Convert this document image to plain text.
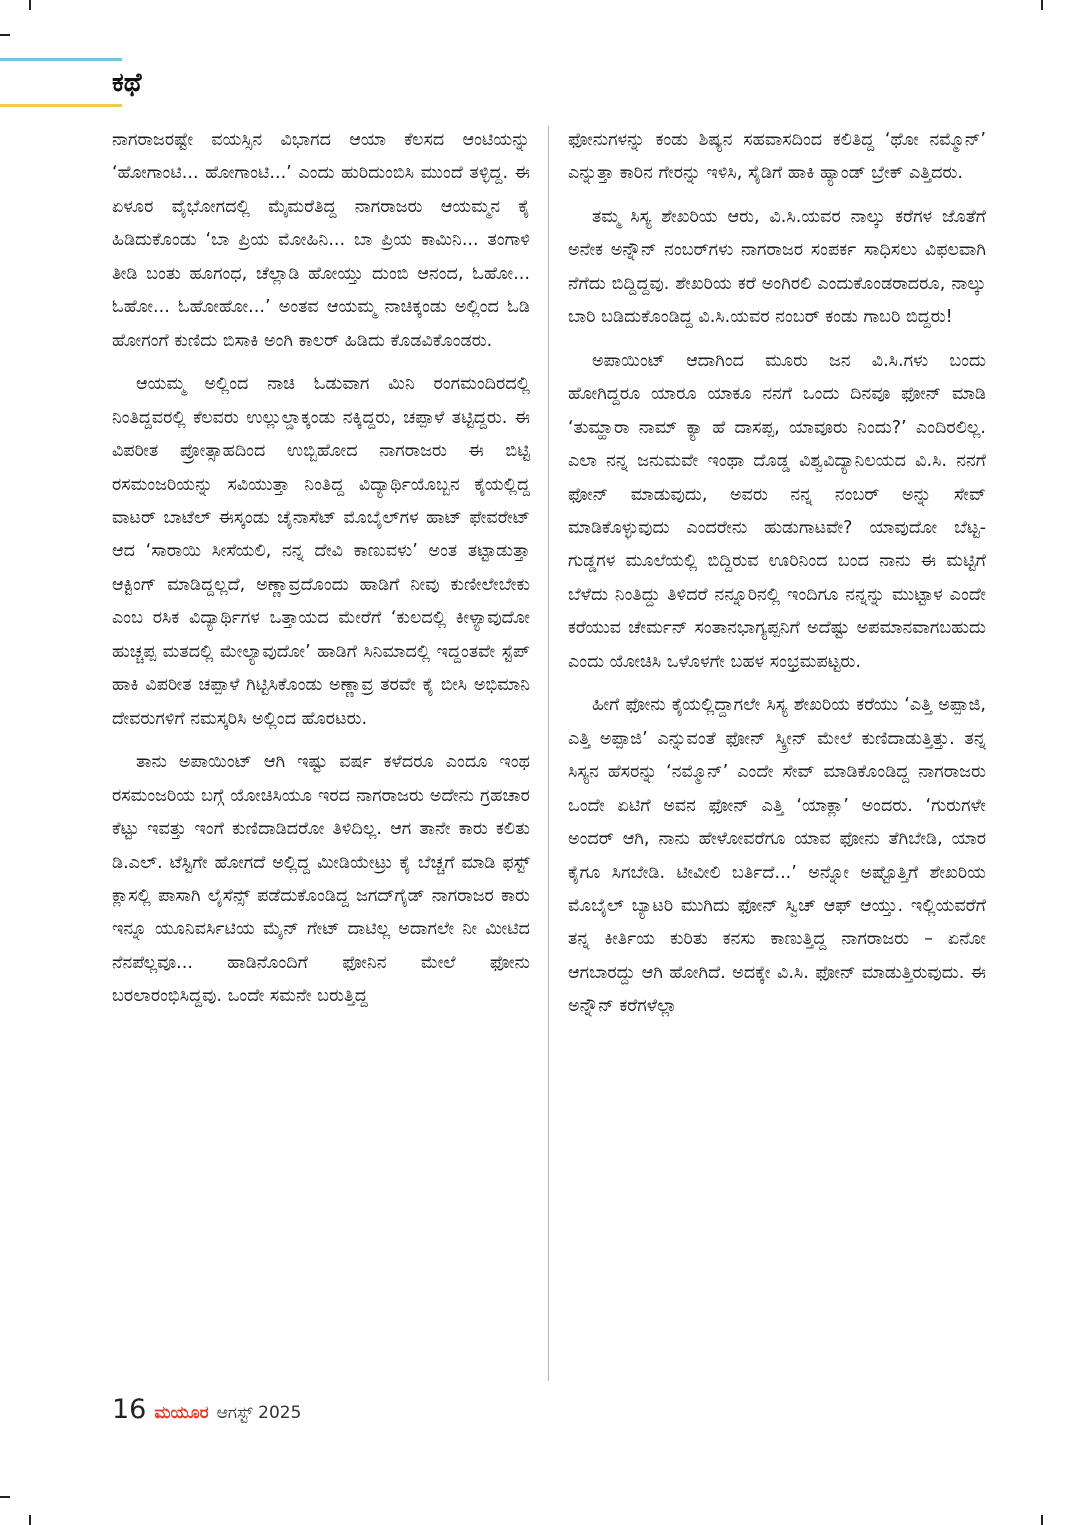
ಕಥೆ

ನಾಗರಾಜರಷ್ಟೇ ವಯಸ್ಸಿನ ವಿಭಾಗದ ಆಯಾ ಕೆಲಸದ ಆಂಟಿಯನ್ನು ‘ಹೋಗಾಂಟಿ... ಹೋಗಾಂಟಿ...’ ಎಂದು ಹುರಿದುಂಬಿಸಿ ಮುಂದೆ ತಳ್ಳಿದ್ದ. ಈ ಏಳೂರ ವೈಭೋಗದಲ್ಲಿ ಮೈಮರೆತಿದ್ದ ನಾಗರಾಜರು ಆಯಮ್ಮನ ಕೈ ಹಿಡಿದುಕೊಂಡು ‘ಬಾ ಪ್ರಿಯ ಮೋಹಿನಿ... ಬಾ ಪ್ರಿಯ ಕಾಮಿನಿ... ತಂಗಾಳಿ ತೀಡಿ ಬಂತು ಹೂಗಂಧ, ಚೆಲ್ಲಾಡಿ ಹೋಯ್ತು ದುಂಬಿ ಆನಂದ, ಓಹೋ... ಓಹೋ... ಓಹೋಹೋ...’ ಅಂತವ ಆಯಮ್ಮ ನಾಚಿಕ್ಕಂಡು ಅಲ್ಲಿಂದ ಓಡಿ ಹೋಗಂಗೆ ಕುಣಿದು ಬಿಸಾಕಿ ಅಂಗಿ ಕಾಲರ್ ಹಿಡಿದು ಕೊಡವಿಕೊಂಡರು.

ಆಯಮ್ಮ ಅಲ್ಲಿಂದ ನಾಚಿ ಓಡುವಾಗ ಮಿನಿ ರಂಗಮಂದಿರದಲ್ಲಿ ನಿಂತಿದ್ದವರಲ್ಲಿ ಕೆಲವರು ಉಲ್ಲುಲ್ಡಾಕ್ಕಂಡು ನಕ್ಕಿದ್ದರು, ಚಪ್ಪಾಳೆ ತಟ್ಟಿದ್ದರು. ಈ ವಿಪರೀತ ಪ್ರೋತ್ಸಾಹದಿಂದ ಉಬ್ಬಿಹೋದ ನಾಗರಾಜರು ಈ ಬಿಟ್ಟಿ ರಸಮಂಜರಿಯನ್ನು ಸವಿಯುತ್ತಾ ನಿಂತಿದ್ದ ವಿದ್ಯಾರ್ಥಿಯೊಬ್ಬನ ಕೈಯಲ್ಲಿದ್ದ ವಾಟರ್ ಬಾಟೆಲ್ ಈಸ್ಕಂಡು ಚೈನಾಸೆಟ್ ಮೊಬೈಲ್‌ಗಳ ಹಾಟ್ ಫೇವರೇಟ್ ಆದ ‘ಸಾರಾಯಿ ಸೀಸೆಯಲಿ, ನನ್ನ ದೇವಿ ಕಾಣುವಳು’ ಅಂತ ತಟ್ಟಾಡುತ್ತಾ ಆಕ್ಟಿಂಗ್ ಮಾಡಿದ್ದಲ್ಲದೆ, ಅಣ್ಣಾವ್ರದೊಂದು ಹಾಡಿಗೆ ನೀವು ಕುಣೀಲೇಬೇಕು ಎಂಬ ರಸಿಕ ವಿದ್ಯಾರ್ಥಿಗಳ ಒತ್ತಾಯದ ಮೇರೆಗೆ ‘ಕುಲದಲ್ಲಿ ಕೀಳ್ಯಾವುದೋ ಹುಚ್ಚಪ್ಪ ಮತದಲ್ಲಿ ಮೇಲ್ಯಾವುದೋ’ ಹಾಡಿಗೆ ಸಿನಿಮಾದಲ್ಲಿ ಇದ್ದಂತವೇ ಸ್ಟೆಪ್ ಹಾಕಿ ವಿಪರೀತ ಚಪ್ಪಾಳೆ ಗಿಟ್ಟಿಸಿಕೊಂಡು ಅಣ್ಣಾವ್ರ ತರವೇ ಕೈ ಬೀಸಿ ಅಭಿಮಾನಿ ದೇವರುಗಳಿಗೆ ನಮಸ್ಕರಿಸಿ ಅಲ್ಲಿಂದ ಹೊರಟರು.

ತಾನು ಅಪಾಯಿಂಟ್ ಆಗಿ ಇಷ್ಟು ವರ್ಷ ಕಳೆದರೂ ಎಂದೂ ಇಂಥ ರಸಮಂಜರಿಯ ಬಗ್ಗೆ ಯೋಚಿಸಿಯೂ ಇರದ ನಾಗರಾಜರು ಅದೇನು ಗ್ರಹಚಾರ ಕೆಟ್ಟು ಇವತ್ತು ಇಂಗೆ ಕುಣಿದಾಡಿದರೋ ತಿಳಿದಿಲ್ಲ. ಆಗ ತಾನೇ ಕಾರು ಕಲಿತು ಡಿ.ಎಲ್. ಟೆಸ್ಟಿಗೇ ಹೋಗದೆ ಅಲ್ಲಿದ್ದ ಮೀಡಿಯೇಟ್ರು ಕೈ ಬೆಚ್ಚಗೆ ಮಾಡಿ ಫಸ್ಟ್ ಕ್ಲಾಸಲ್ಲಿ ಪಾಸಾಗಿ ಲೈಸೆನ್ಸ್ ಪಡೆದುಕೊಂಡಿದ್ದ ಜಗದ್‌ಗೈಡ್ ನಾಗರಾಜರ ಕಾರು ಇನ್ನೂ ಯೂನಿವರ್ಸಿಟಿಯ ಮೈನ್ ಗೇಟ್ ದಾಟಿಲ್ಲ ಅದಾಗಲೇ ನೀ ಮೀಟಿದ ನೆನಪೆಲ್ಲವೂ... ಹಾಡಿನೊಂದಿಗೆ ಫೋನಿನ ಮೇಲೆ ಫೋನು ಬರಲಾರಂಭಿಸಿದ್ದವು. ಒಂದೇ ಸಮನೇ ಬರುತ್ತಿದ್ದ

ಫೋನುಗಳನ್ನು ಕಂಡು ಶಿಷ್ಯನ ಸಹವಾಸದಿಂದ ಕಲಿತಿದ್ದ ‘ಥೋ ನಮ್ಮೊನ್’ ಎನ್ನುತ್ತಾ ಕಾರಿನ ಗೇರನ್ನು ಇಳಿಸಿ, ಸೈಡಿಗೆ ಹಾಕಿ ಹ್ಯಾಂಡ್ ಬ್ರೇಕ್ ಎತ್ತಿದರು.

ತಮ್ಮ ಸಿಸ್ಯ ಶೇಖರಿಯ ಆರು, ವಿ.ಸಿ.ಯವರ ನಾಲ್ಕು ಕರೆಗಳ ಜೊತೆಗೆ ಅನೇಕ ಅನ್ನೌನ್ ನಂಬರ್‌ಗಳು ನಾಗರಾಜರ ಸಂಪರ್ಕ ಸಾಧಿಸಲು ವಿಫಲವಾಗಿ ನೆಗೆದು ಬಿದ್ದಿದ್ದವು. ಶೇಖರಿಯ ಕರೆ ಅಂಗಿರಲಿ ಎಂದುಕೊಂಡರಾದರೂ, ನಾಲ್ಕು ಬಾರಿ ಬಡಿದುಕೊಂಡಿದ್ದ ವಿ.ಸಿ.ಯವರ ನಂಬರ್ ಕಂಡು ಗಾಬರಿ ಬಿದ್ದರು!

ಅಪಾಯಿಂಟ್ ಆದಾಗಿಂದ ಮೂರು ಜನ ವಿ.ಸಿ.ಗಳು ಬಂದು ಹೋಗಿದ್ದರೂ ಯಾರೂ ಯಾಕೂ ನನಗೆ ಒಂದು ದಿನವೂ ಫೋನ್ ಮಾಡಿ ‘ತುಮ್ಹಾರಾ ನಾಮ್ ಕ್ಯಾ ಹೆ ದಾಸಪ್ಪ, ಯಾವೂರು ನಿಂದು?’ ಎಂದಿರಲಿಲ್ಲ. ಎಲಾ ನನ್ನ ಜನುಮವೇ ಇಂಥಾ ದೊಡ್ಡ ವಿಶ್ವವಿದ್ಯಾನಿಲಯದ ವಿ.ಸಿ. ನನಗೆ ಫೋನ್ ಮಾಡುವುದು, ಅವರು ನನ್ನ ನಂಬರ್ ಅನ್ನು ಸೇವ್ ಮಾಡಿಕೊಳ್ಳುವುದು ಎಂದರೇನು ಹುಡುಗಾಟವೇ? ಯಾವುದೋ ಬೆಟ್ಟ-ಗುಡ್ಡಗಳ ಮೂಲೆಯಲ್ಲಿ ಬಿದ್ದಿರುವ ಊರಿನಿಂದ ಬಂದ ನಾನು ಈ ಮಟ್ಟಿಗೆ ಬೆಳೆದು ನಿಂತಿದ್ದು ತಿಳಿದರೆ ನನ್ನೂರಿನಲ್ಲಿ ಇಂದಿಗೂ ನನ್ನನ್ನು ಮುಟ್ಟಾಳ ಎಂದೇ ಕರೆಯುವ ಚೇರ್ಮನ್ ಸಂತಾನಭಾಗ್ಯಪ್ಪನಿಗೆ ಅದೆಷ್ಟು ಅಪಮಾನವಾಗಬಹುದು ಎಂದು ಯೋಚಿಸಿ ಒಳೊಳಗೇ ಬಹಳ ಸಂಭ್ರಮಪಟ್ಟರು.

ಹೀಗೆ ಫೋನು ಕೈಯಲ್ಲಿದ್ದಾಗಲೇ ಸಿಸ್ಯ ಶೇಖರಿಯ ಕರೆಯು ‘ಎತ್ತಿ ಅಪ್ಪಾಜಿ, ಎತ್ತಿ ಅಪ್ಪಾಜಿ’ ಎನ್ನುವಂತೆ ಫೋನ್ ಸ್ಕ್ರೀನ್ ಮೇಲೆ ಕುಣಿದಾಡುತ್ತಿತ್ತು. ತನ್ನ ಸಿಸ್ಯನ ಹೆಸರನ್ನು ‘ನಮ್ಮೊನ್’ ಎಂದೇ ಸೇವ್ ಮಾಡಿಕೊಂಡಿದ್ದ ನಾಗರಾಜರು ಒಂದೇ ಏಟಿಗೆ ಅವನ ಫೋನ್ ಎತ್ತಿ ‘ಯಾಕ್ಲಾ’ ಅಂದರು. ‘ಗುರುಗಳೇ ಅಂದರ್ ಆಗಿ, ನಾನು ಹೇಳೋವರೆಗೂ ಯಾವ ಫೋನು ತೆಗಿಬೇಡಿ, ಯಾರ ಕೈಗೂ ಸಿಗಬೇಡಿ. ಟೀವೀಲಿ ಬರ್ತಿದೆ...’ ಅನ್ನೋ ಅಷ್ಟೊತ್ತಿಗೆ ಶೇಖರಿಯ ಮೊಬೈಲ್ ಬ್ಯಾಟರಿ ಮುಗಿದು ಫೋನ್ ಸ್ವಿಚ್ ಆಫ್ ಆಯ್ತು. ಇಲ್ಲಿಯವರೆಗೆ ತನ್ನ ಕೀರ್ತಿಯ ಕುರಿತು ಕನಸು ಕಾಣುತ್ತಿದ್ದ ನಾಗರಾಜರು – ಏನೋ ಆಗಬಾರದ್ದು ಆಗಿ ಹೋಗಿದೆ. ಅದಕ್ಕೇ ವಿ.ಸಿ. ಫೋನ್ ಮಾಡುತ್ತಿರುವುದು. ಈ ಅನ್ನೌನ್ ಕರೆಗಳೆಲ್ಲಾ

16 ಮಯೂರ ಆಗಸ್ಟ್ 2025
